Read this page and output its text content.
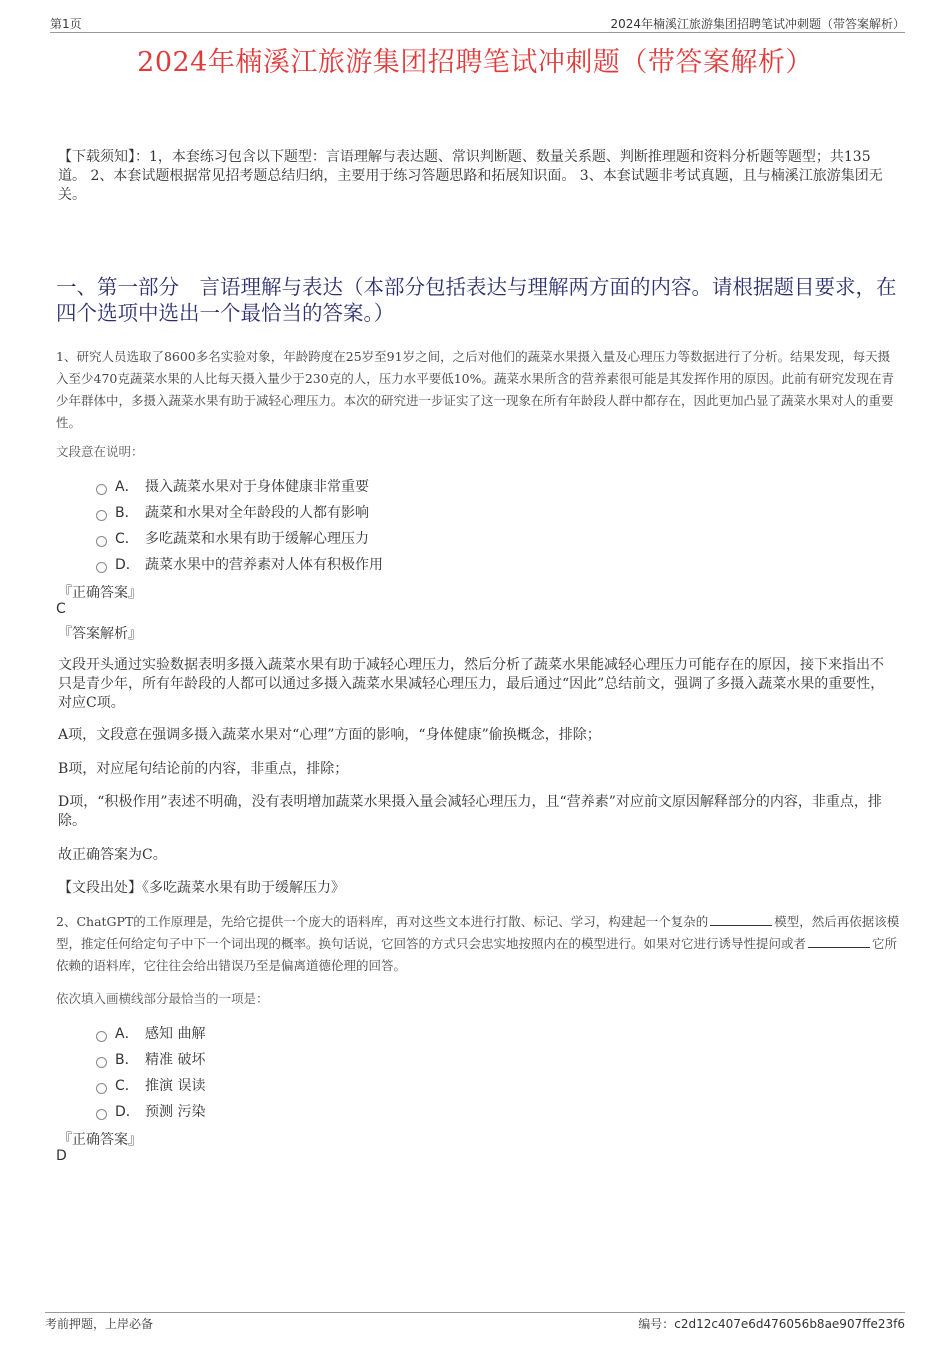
第1页	2024年楠溪江旅游集团招聘笔试冲刺题（带答案解析）
2024年楠溪江旅游集团招聘笔试冲刺题（带答案解析）
【下载须知】：1，本套练习包含以下题型：言语理解与表达题、常识判断题、数量关系题、判断推理题和资料分析题等题型；共135道。 2、本套试题根据常见招考题总结归纳，主要用于练习答题思路和拓展知识面。 3、本套试题非考试真题，且与楠溪江旅游集团无关。
一、第一部分　言语理解与表达（本部分包括表达与理解两方面的内容。请根据题目要求，在四个选项中选出一个最恰当的答案。）
1、研究人员选取了8600多名实验对象，年龄跨度在25岁至91岁之间，之后对他们的蔬菜水果摄入量及心理压力等数据进行了分析。结果发现，每天摄入至少470克蔬菜水果的人比每天摄入量少于230克的人，压力水平要低10%。蔬菜水果所含的营养素很可能是其发挥作用的原因。此前有研究发现在青少年群体中，多摄入蔬菜水果有助于减轻心理压力。本次的研究进一步证实了这一现象在所有年龄段人群中都存在，因此更加凸显了蔬菜水果对人的重要性。
文段意在说明：
A． 摄入蔬菜水果对于身体健康非常重要
B． 蔬菜和水果对全年龄段的人都有影响
C． 多吃蔬菜和水果有助于缓解心理压力
D． 蔬菜水果中的营养素对人体有积极作用
『正确答案』
C
『答案解析』
文段开头通过实验数据表明多摄入蔬菜水果有助于减轻心理压力，然后分析了蔬菜水果能减轻心理压力可能存在的原因，接下来指出不只是青少年，所有年龄段的人都可以通过多摄入蔬菜水果减轻心理压力，最后通过“因此”总结前文，强调了多摄入蔬菜水果的重要性，对应C项。
A项，文段意在强调多摄入蔬菜水果对“心理”方面的影响，“身体健康”偷换概念，排除；
B项，对应尾句结论前的内容，非重点，排除；
D项，“积极作用”表述不明确，没有表明增加蔬菜水果摄入量会减轻心理压力，且“营养素”对应前文原因解释部分的内容，非重点，排除。
故正确答案为C。
【文段出处】《多吃蔬菜水果有助于缓解压力》
2、ChatGPT的工作原理是，先给它提供一个庞大的语料库，再对这些文本进行打散、标记、学习，构建起一个复杂的	模型，然后再依据该模型，推定任何给定句子中下一个词出现的概率。换句话说，它回答的方式只会忠实地按照内在的模型进行。如果对它进行诱导性提问或者	它所依赖的语料库，它往往会给出错误乃至是偏离道德伦理的回答。
依次填入画横线部分最恰当的一项是：
A． 感知 曲解
B． 精准 破坏
C． 推演 误读
D． 预测 污染
『正确答案』
D
考前押题，上岸必备	编号：c2d12c407e6d476056b8ae907ffe23f6
